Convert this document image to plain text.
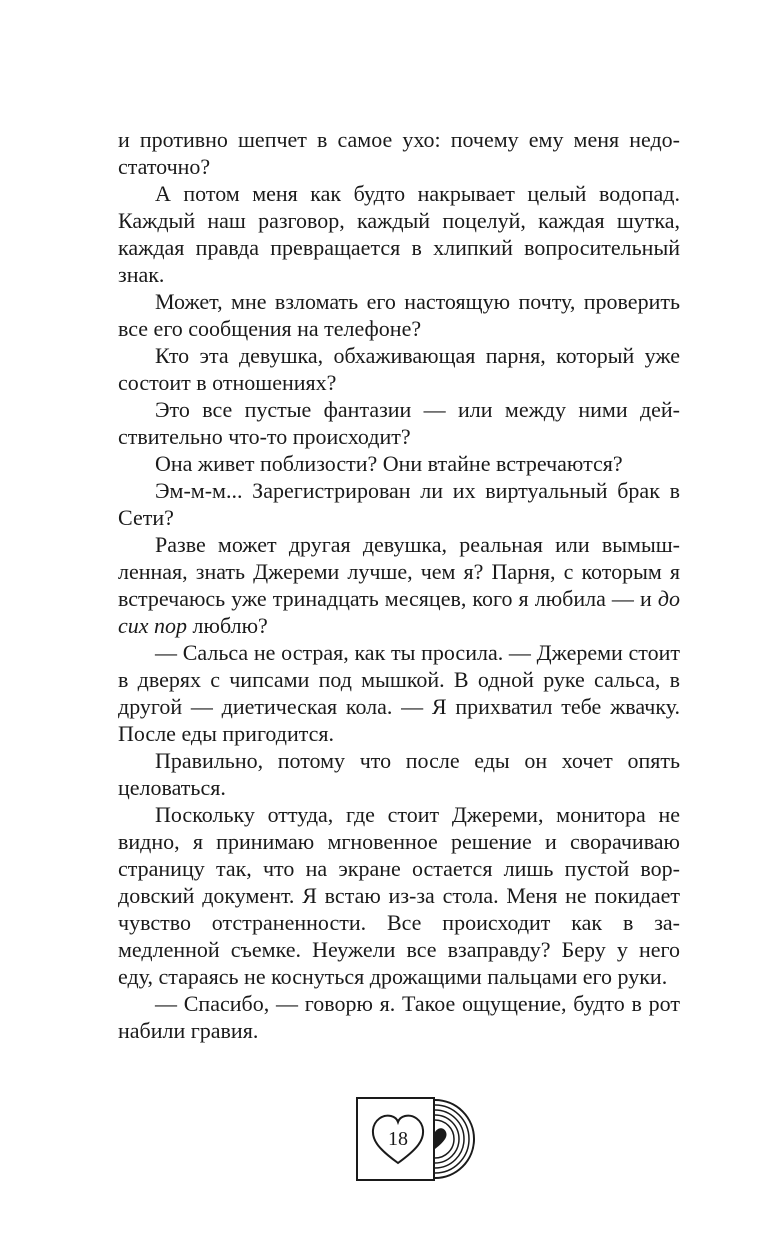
и противно шепчет в самое ухо: почему ему меня недостаточно?

А потом меня как будто накрывает целый водопад. Каждый наш разговор, каждый поцелуй, каждая шутка, каждая правда превращается в хлипкий вопросительный знак.

Может, мне взломать его настоящую почту, проверить все его сообщения на телефоне?

Кто эта девушка, обхаживающая парня, который уже состоит в отношениях?

Это все пустые фантазии — или между ними действительно что-то происходит?

Она живет поблизости? Они втайне встречаются?

Эм-м-м... Зарегистрирован ли их виртуальный брак в Сети?

Разве может другая девушка, реальная или вымышленная, знать Джереми лучше, чем я? Парня, с которым я встречаюсь уже тринадцать месяцев, кого я любила — и до сих пор люблю?

— Сальса не острая, как ты просила. — Джереми стоит в дверях с чипсами под мышкой. В одной руке сальса, в другой — диетическая кола. — Я прихватил тебе жвачку. После еды пригодится.

Правильно, потому что после еды он хочет опять целоваться.

Поскольку оттуда, где стоит Джереми, монитора не видно, я принимаю мгновенное решение и сворачиваю страницу так, что на экране остается лишь пустой вордовский документ. Я встаю из-за стола. Меня не покидает чувство отстраненности. Все происходит как в замедленной съемке. Неужели все взаправду? Беру у него еду, стараясь не коснуться дрожащими пальцами его руки.

— Спасибо, — говорю я. Такое ощущение, будто в рот набили гравия.

18
